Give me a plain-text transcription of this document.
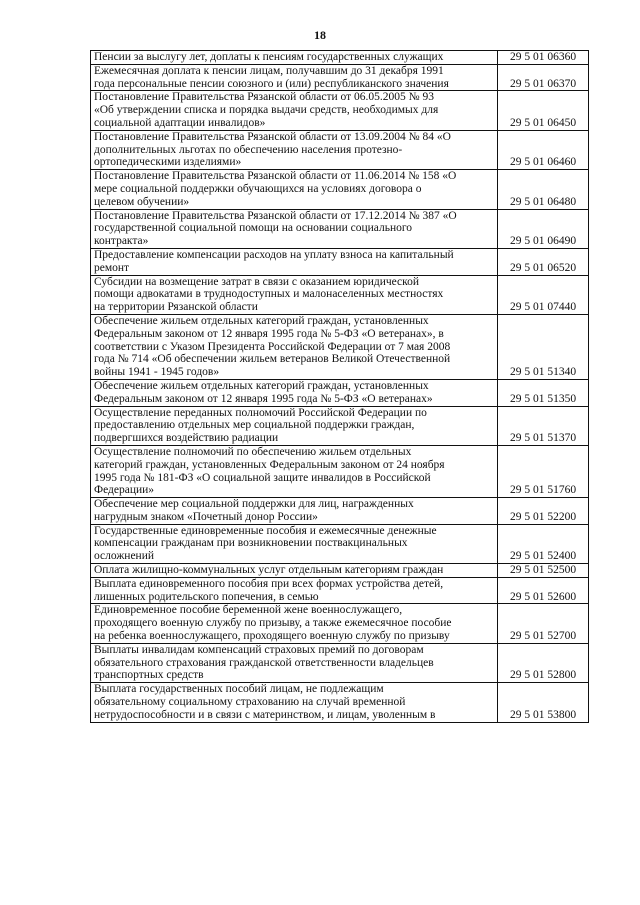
18
Пенсии за выслугу лет, доплаты к пенсиям государственных служащих	29 5 01 06360

Ежемесячная доплата к пенсии лицам, получавшим до 31 декабря 1991
года персональные пенсии союзного и (или) республиканского значения	29 5 01 06370

Постановление Правительства Рязанской области от 06.05.2005 № 93
«Об утверждении списка и порядка выдачи средств, необходимых для
социальной адаптации инвалидов»	29 5 01 06450

Постановление Правительства Рязанской области от 13.09.2004 № 84 «О
дополнительных льготах по обеспечению населения протезно-
ортопедическими изделиями»	29 5 01 06460

Постановление Правительства Рязанской области от 11.06.2014 № 158 «О
мере социальной поддержки обучающихся на условиях договора о
целевом обучении»	29 5 01 06480

Постановление Правительства Рязанской области от 17.12.2014 № 387 «О
государственной социальной помощи на основании социального
контракта»	29 5 01 06490

Предоставление компенсации расходов на уплату взноса на капитальный
ремонт	29 5 01 06520

Субсидии на возмещение затрат в связи с оказанием юридической
помощи адвокатами в труднодоступных и малонаселенных местностях
на территории Рязанской области	29 5 01 07440

Обеспечение жильем отдельных категорий граждан, установленных
Федеральным законом от 12 января 1995 года № 5-ФЗ «О ветеранах», в
соответствии с Указом Президента Российской Федерации от 7 мая 2008
года № 714 «Об обеспечении жильем ветеранов Великой Отечественной
войны 1941 - 1945 годов»	29 5 01 51340

Обеспечение жильем отдельных категорий граждан, установленных
Федеральным законом от 12 января 1995 года № 5-ФЗ «О ветеранах»	29 5 01 51350

Осуществление переданных полномочий Российской Федерации по
предоставлению отдельных мер социальной поддержки граждан,
подвергшихся воздействию радиации	29 5 01 51370

Осуществление полномочий по обеспечению жильем отдельных
категорий граждан, установленных Федеральным законом от 24 ноября
1995 года № 181-ФЗ «О социальной защите инвалидов в Российской
Федерации»	29 5 01 51760

Обеспечение мер социальной поддержки для лиц, награжденных
нагрудным знаком «Почетный донор России»	29 5 01 52200

Государственные единовременные пособия и ежемесячные денежные
компенсации гражданам при возникновении поствакцинальных
осложнений	29 5 01 52400

Оплата жилищно-коммунальных услуг отдельным категориям граждан	29 5 01 52500

Выплата единовременного пособия при всех формах устройства детей,
лишенных родительского попечения, в семью	29 5 01 52600

Единовременное пособие беременной жене военнослужащего,
проходящего военную службу по призыву, а также ежемесячное пособие
на ребенка военнослужащего, проходящего военную службу по призыву	29 5 01 52700

Выплаты инвалидам компенсаций страховых премий по договорам
обязательного страхования гражданской ответственности владельцев
транспортных средств	29 5 01 52800

Выплата государственных пособий лицам, не подлежащим
обязательному социальному страхованию на случай временной
нетрудоспособности и в связи с материнством, и лицам, уволенным в	29 5 01 53800
